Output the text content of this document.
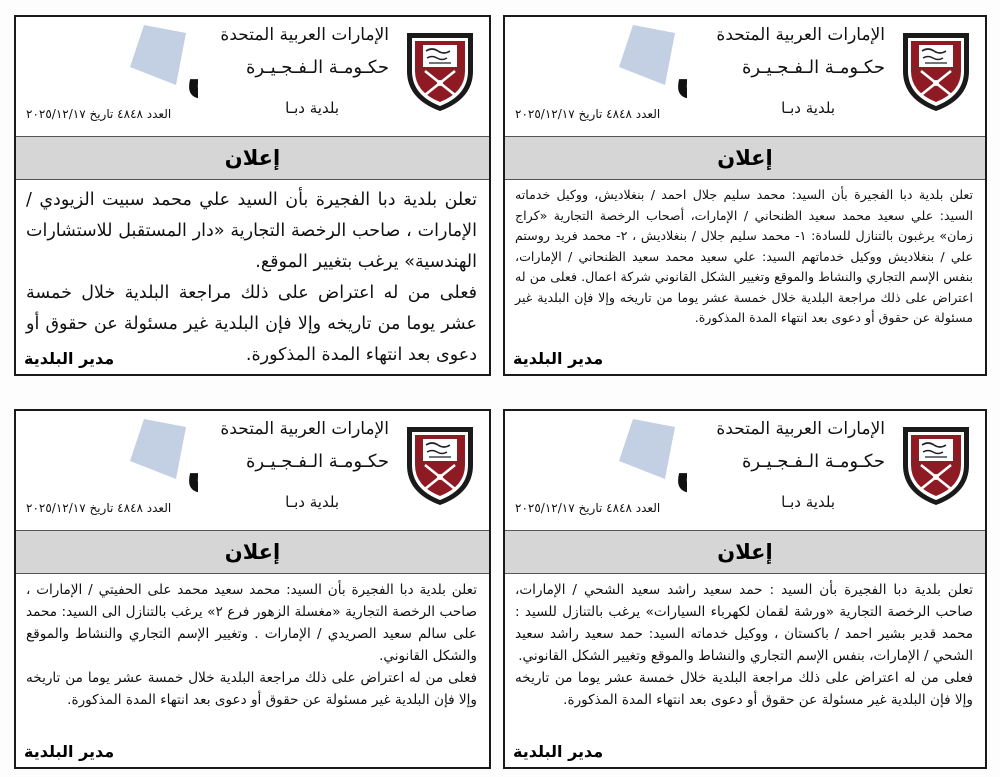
الإمارات العربية المتحدة
حكـومـة الـفـجـيـرة
بلدية دبـا
العدد ٤٨٤٨ تاريخ ٢٠٢٥/١٢/١٧
إعلان

تعلن بلدية دبا الفجيرة بأن السيد: محمد سليم جلال احمد / بنغلاديش، ووكيل خدماته السيد: علي سعيد محمد سعيد الظنحاني / الإمارات، أصحاب الرخصة التجارية «كراج زمان» يرغبون بالتنازل للسادة: ١- محمد سليم جلال / بنغلاديش ، ٢- محمد فريد روستم علي / بنغلاديش ووكيل خدماتهم السيد: علي سعيد محمد سعيد الظنحاني / الإمارات، بنفس الإسم التجاري والنشاط والموقع وتغيير الشكل القانوني شركة اعمال. فعلى من له اعتراض على ذلك مراجعة البلدية خلال خمسة عشر يوما من تاريخه وإلا فإن البلدية غير مسئولة عن حقوق أو دعوى بعد انتهاء المدة المذكورة.

مدير البلدية
الإمارات العربية المتحدة
حكـومـة الـفـجـيـرة
بلدية دبـا
العدد ٤٨٤٨ تاريخ ٢٠٢٥/١٢/١٧
إعلان

تعلن بلدية دبا الفجيرة بأن السيد علي محمد سبيت الزيودي / الإمارات ، صاحب الرخصة التجارية «دار المستقبل للاستشارات الهندسية» يرغب بتغيير الموقع.

فعلى من له اعتراض على ذلك مراجعة البلدية خلال خمسة عشر يوما من تاريخه وإلا فإن البلدية غير مسئولة عن حقوق أو دعوى بعد انتهاء المدة المذكورة.

مدير البلدية
الإمارات العربية المتحدة
حكـومـة الـفـجـيـرة
بلدية دبـا
العدد ٤٨٤٨ تاريخ ٢٠٢٥/١٢/١٧
إعلان

تعلن بلدية دبا الفجيرة بأن السيد : حمد سعيد راشد سعيد الشحي / الإمارات، صاحب الرخصة التجارية «ورشة لقمان لكهرباء السيارات» يرغب بالتنازل للسيد : محمد قدير بشير احمد / باكستان ، ووكيل خدماته السيد: حمد سعيد راشد سعيد الشحي / الإمارات، بنفس الإسم التجاري والنشاط والموقع وتغيير الشكل القانوني.

فعلى من له اعتراض على ذلك مراجعة البلدية خلال خمسة عشر يوما من تاريخه وإلا فإن البلدية غير مسئولة عن حقوق أو دعوى بعد انتهاء المدة المذكورة.

مدير البلدية
الإمارات العربية المتحدة
حكـومـة الـفـجـيـرة
بلدية دبـا
العدد ٤٨٤٨ تاريخ ٢٠٢٥/١٢/١٧
إعلان

تعلن بلدية دبا الفجيرة بأن السيد: محمد سعيد محمد على الحفيتي / الإمارات ، صاحب الرخصة التجارية «مغسلة الزهور فرع ٢» يرغب بالتنازل الى السيد: محمد على سالم سعيد الصريدي / الإمارات . وتغيير الإسم التجاري والنشاط والموقع والشكل القانوني.

فعلى من له اعتراض على ذلك مراجعة البلدية خلال خمسة عشر يوما من تاريخه وإلا فإن البلدية غير مسئولة عن حقوق أو دعوى بعد انتهاء المدة المذكورة.

مدير البلدية
